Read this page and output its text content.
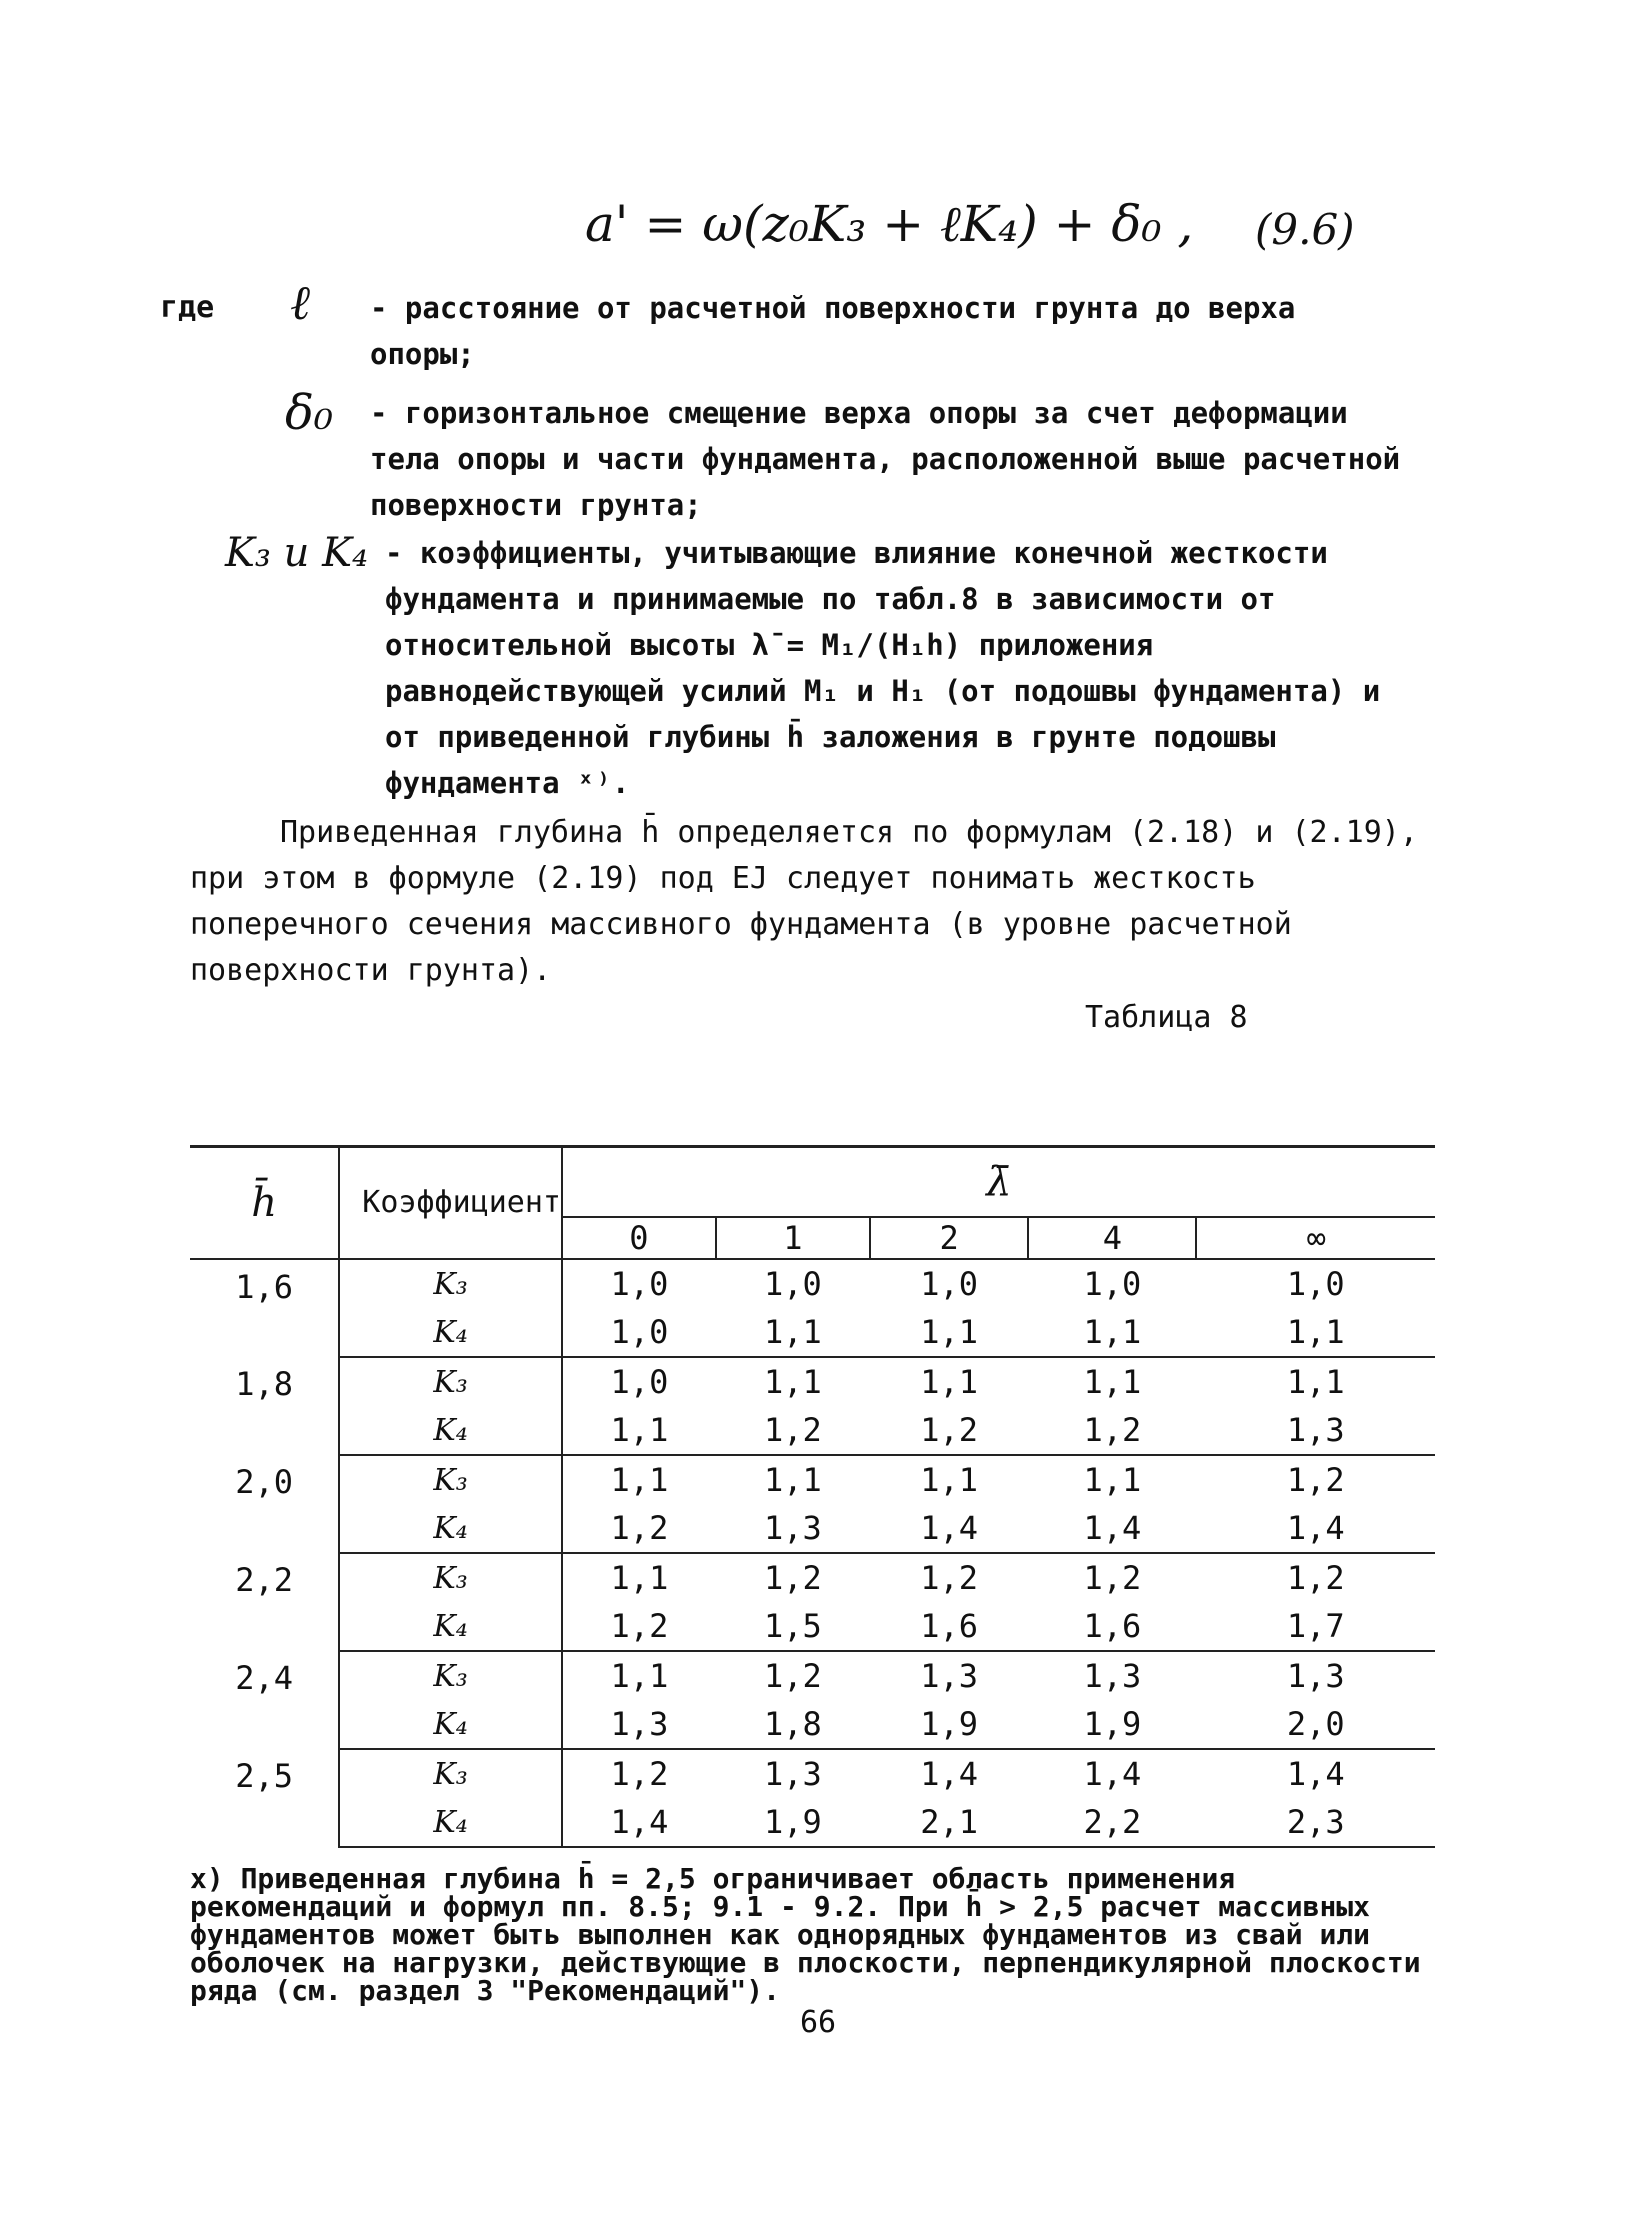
a' = ω(z₀K₃ + ℓK₄) + δ₀ , (9.6)
где ℓ - расстояние от расчетной поверхности грунта до верха опоры;
δ₀ - горизонтальное смещение верха опоры за счет деформации тела опоры и части фундамента, расположенной выше расчетной поверхности грунта;
K₃ и K₄ - коэффициенты, учитывающие влияние конечной жесткости фундамента и принимаемые по табл.8 в зависимости от относительной высоты λ̄ = M₁/(H₁h) приложения равнодействующей усилий M₁ и H₁ (от подошвы фундамента) и от приведенной глубины h̄ заложения в грунте подошвы фундамента ˣ⁾.
Приведенная глубина h̄ определяется по формулам (2.18) и (2.19), при этом в формуле (2.19) под EJ следует понимать жесткость поперечного сечения массивного фундамента (в уровне расчетной поверхности грунта).
Таблица 8
h̄	Коэффициент	λ̄				
		0	1	2	4	∞
1,6	K₃	1,0	1,0	1,0	1,0	1,0
	K₄	1,0	1,1	1,1	1,1	1,1
1,8	K₃	1,0	1,1	1,1	1,1	1,1
	K₄	1,1	1,2	1,2	1,2	1,3
2,0	K₃	1,1	1,1	1,1	1,1	1,2
	K₄	1,2	1,3	1,4	1,4	1,4
2,2	K₃	1,1	1,2	1,2	1,2	1,2
	K₄	1,2	1,5	1,6	1,6	1,7
2,4	K₃	1,1	1,2	1,3	1,3	1,3
	K₄	1,3	1,8	1,9	1,9	2,0
2,5	K₃	1,2	1,3	1,4	1,4	1,4
	K₄	1,4	1,9	2,1	2,2	2,3
x) Приведенная глубина h̄ = 2,5 ограничивает область применения рекомендаций и формул пп. 8.5; 9.1 - 9.2. При h̄ > 2,5 расчет массивных фундаментов может быть выполнен как однорядных фундаментов из свай или оболочек на нагрузки, действующие в плоскости, перпендикулярной плоскости ряда (см. раздел 3 "Рекомендаций").
66
